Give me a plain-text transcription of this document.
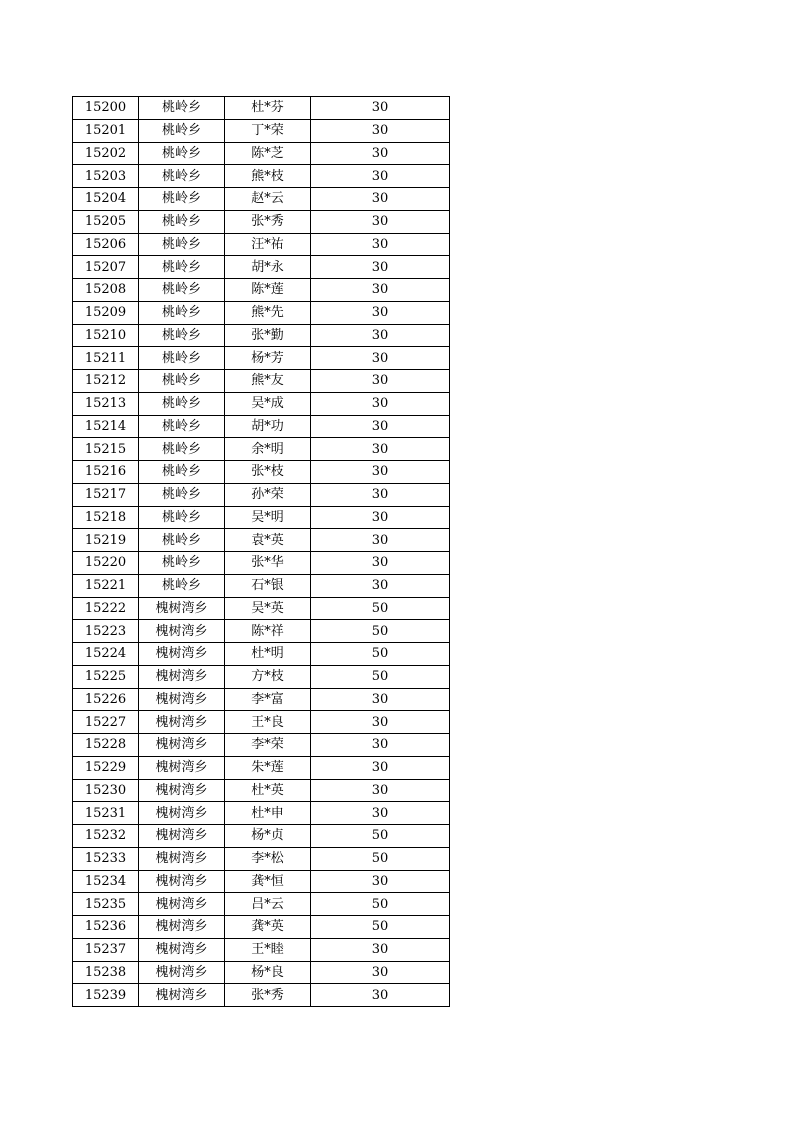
15200	桃岭乡	杜*芬	30
15201	桃岭乡	丁*荣	30
15202	桃岭乡	陈*芝	30
15203	桃岭乡	熊*枝	30
15204	桃岭乡	赵*云	30
15205	桃岭乡	张*秀	30
15206	桃岭乡	汪*祐	30
15207	桃岭乡	胡*永	30
15208	桃岭乡	陈*莲	30
15209	桃岭乡	熊*先	30
15210	桃岭乡	张*勤	30
15211	桃岭乡	杨*芳	30
15212	桃岭乡	熊*友	30
15213	桃岭乡	吴*成	30
15214	桃岭乡	胡*功	30
15215	桃岭乡	余*明	30
15216	桃岭乡	张*枝	30
15217	桃岭乡	孙*荣	30
15218	桃岭乡	吴*明	30
15219	桃岭乡	袁*英	30
15220	桃岭乡	张*华	30
15221	桃岭乡	石*银	30
15222	槐树湾乡	吴*英	50
15223	槐树湾乡	陈*祥	50
15224	槐树湾乡	杜*明	50
15225	槐树湾乡	方*枝	50
15226	槐树湾乡	李*富	30
15227	槐树湾乡	王*良	30
15228	槐树湾乡	李*荣	30
15229	槐树湾乡	朱*莲	30
15230	槐树湾乡	杜*英	30
15231	槐树湾乡	杜*申	30
15232	槐树湾乡	杨*贞	50
15233	槐树湾乡	李*松	50
15234	槐树湾乡	龚*恒	30
15235	槐树湾乡	吕*云	50
15236	槐树湾乡	龚*英	50
15237	槐树湾乡	王*睦	30
15238	槐树湾乡	杨*良	30
15239	槐树湾乡	张*秀	30
